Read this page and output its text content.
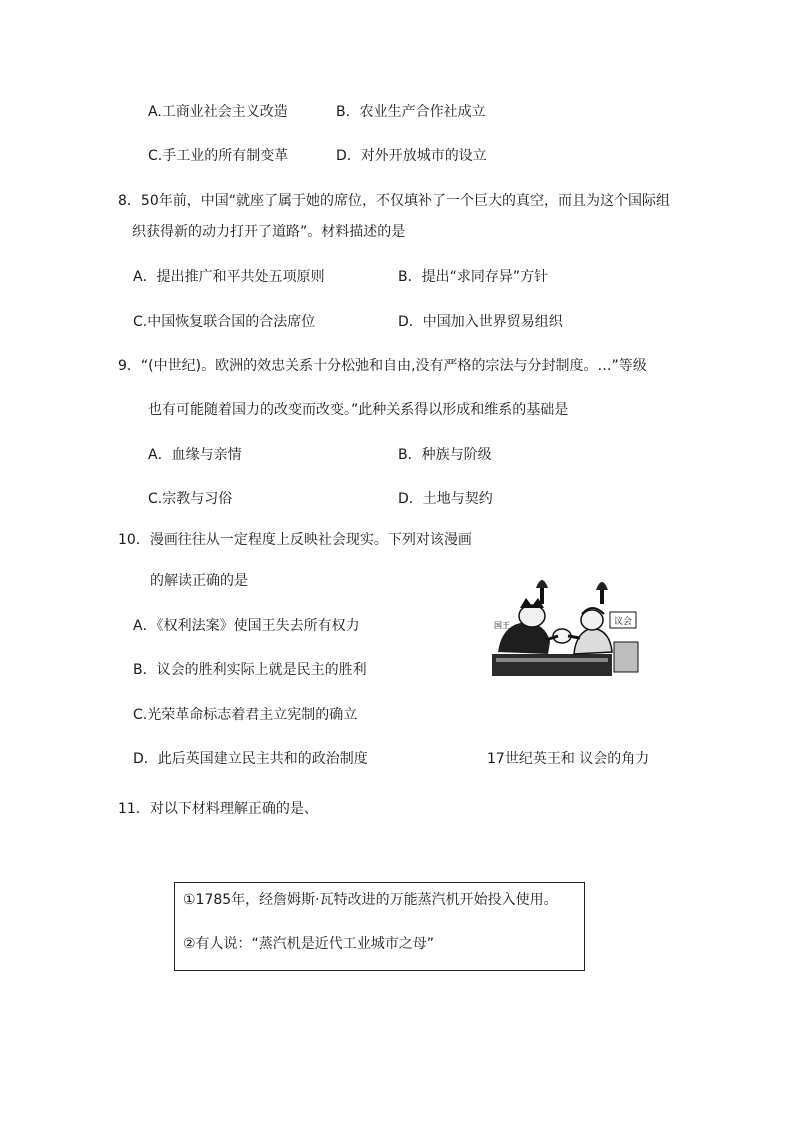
A.工商业社会主义改造	B．农业生产合作社成立
C.手工业的所有制变革	D．对外开放城市的设立
8．50年前，中国“就座了属于她的席位，不仅填补了一个巨大的真空，而且为这个国际组
织获得新的动力打开了道路”。材料描述的是
A．提出推广和平共处五项原则	B．提出“求同存异”方针
C.中国恢复联合国的合法席位	D．中国加入世界贸易组织
9．“(中世纪)。欧洲的效忠关系十分松弛和自由,没有严格的宗法与分封制度。…”等级
也有可能随着国力的改变而改变。”此种关系得以形成和维系的基础是
A．血缘与亲情	B．种族与阶级
C.宗教与习俗	D．土地与契约
10．漫画往往从一定程度上反映社会现实。下列对该漫画
的解读正确的是
A．《权利法案》使国王失去所有权力
B．议会的胜利实际上就是民主的胜利
C.光荣革命标志着君主立宪制的确立
D．此后英国建立民主共和的政治制度
议会
国王
17世纪英王和 议会的角力
11．对以下材料理解正确的是、
①1785年，经詹姆斯·瓦特改进的万能蒸汽机开始投入使用。
②有人说：“蒸汽机是近代工业城市之母”
